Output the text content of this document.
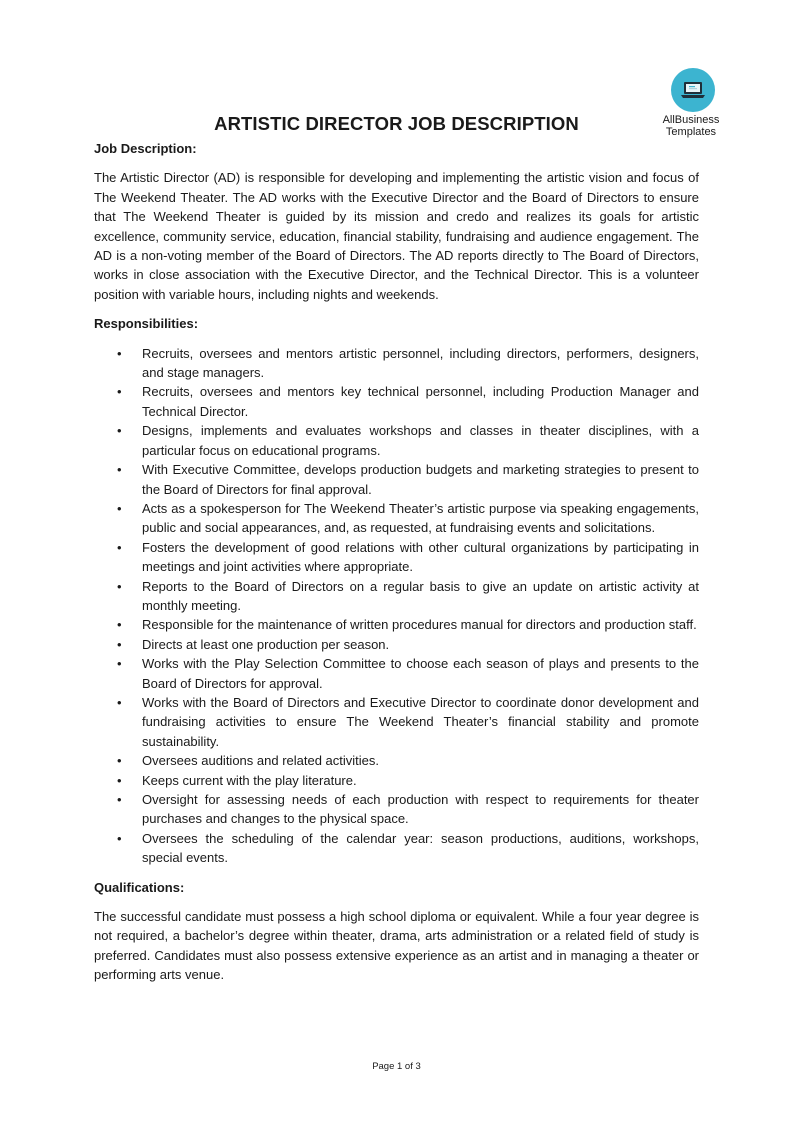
AllBusiness
Templates
ARTISTIC DIRECTOR JOB DESCRIPTION

Job Description:

The Artistic Director (AD) is responsible for developing and implementing the artistic vision and focus of The Weekend Theater. The AD works with the Executive Director and the Board of Directors to ensure that The Weekend Theater is guided by its mission and credo and realizes its goals for artistic excellence, community service, education, financial stability, fundraising and audience engagement. The AD is a non-voting member of the Board of Directors. The AD reports directly to The Board of Directors, works in close association with the Executive Director, and the Technical Director. This is a volunteer position with variable hours, including nights and weekends.

Responsibilities:

• Recruits, oversees and mentors artistic personnel, including directors, performers, designers, and stage managers.
• Recruits, oversees and mentors key technical personnel, including Production Manager and Technical Director.
• Designs, implements and evaluates workshops and classes in theater disciplines, with a particular focus on educational programs.
• With Executive Committee, develops production budgets and marketing strategies to present to the Board of Directors for final approval.
• Acts as a spokesperson for The Weekend Theater’s artistic purpose via speaking engagements, public and social appearances, and, as requested, at fundraising events and solicitations.
• Fosters the development of good relations with other cultural organizations by participating in meetings and joint activities where appropriate.
• Reports to the Board of Directors on a regular basis to give an update on artistic activity at monthly meeting.
• Responsible for the maintenance of written procedures manual for directors and production staff.
• Directs at least one production per season.
• Works with the Play Selection Committee to choose each season of plays and presents to the Board of Directors for approval.
• Works with the Board of Directors and Executive Director to coordinate donor development and fundraising activities to ensure The Weekend Theater’s financial stability and promote sustainability.
• Oversees auditions and related activities.
• Keeps current with the play literature.
• Oversight for assessing needs of each production with respect to requirements for theater purchases and changes to the physical space.
• Oversees the scheduling of the calendar year: season productions, auditions, workshops, special events.

Qualifications:

The successful candidate must possess a high school diploma or equivalent. While a four year degree is not required, a bachelor’s degree within theater, drama, arts administration or a related field of study is preferred. Candidates must also possess extensive experience as an artist and in managing a theater or performing arts venue.

Page 1 of 3
